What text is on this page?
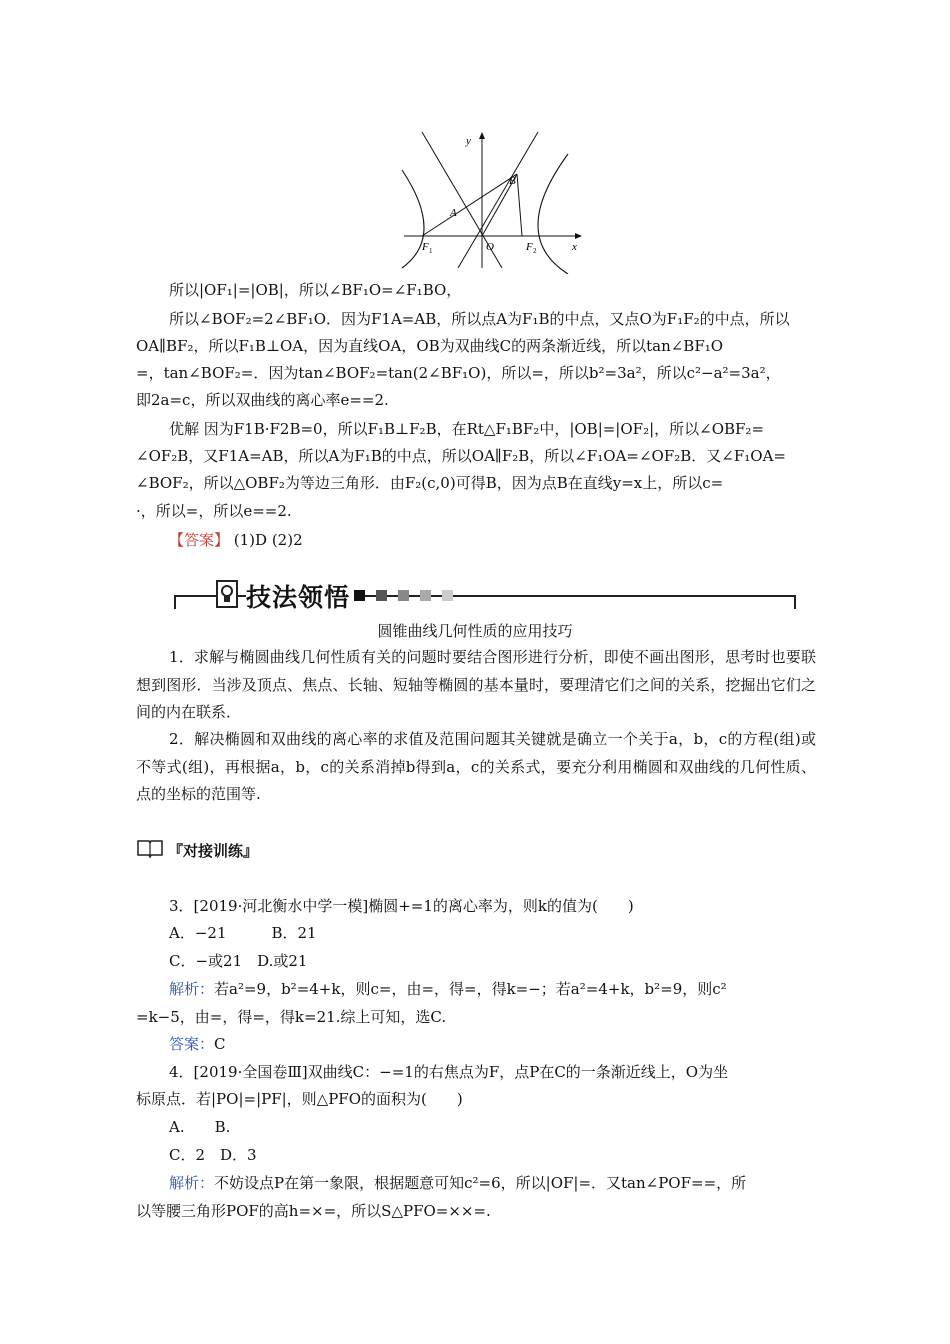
y
x
A
B
O
F 1	F 2
所以|OF₁|=|OB|，所以∠BF₁O=∠F₁BO，
所以∠BOF₂=2∠BF₁O．因为F1A=AB，所以点A为F₁B的中点，又点O为F₁F₂的中点，所以
OA∥BF₂，所以F₁B⊥OA，因为直线OA，OB为双曲线C的两条渐近线，所以tan∠BF₁O
=，tan∠BOF₂=．因为tan∠BOF₂=tan(2∠BF₁O)，所以=，所以b²=3a²，所以c²−a²=3a²，
即2a=c，所以双曲线的离心率e==2.
优解 因为F1B·F2B=0，所以F₁B⊥F₂B，在Rt△F₁BF₂中，|OB|=|OF₂|，所以∠OBF₂=
∠OF₂B，又F1A=AB，所以A为F₁B的中点，所以OA∥F₂B，所以∠F₁OA=∠OF₂B．又∠F₁OA=
∠BOF₂，所以△OBF₂为等边三角形．由F₂(c,0)可得B，因为点B在直线y=x上，所以c=
·，所以=，所以e==2.
【答案】 (1)D (2)2
技法领悟
圆锥曲线几何性质的应用技巧

1．求解与椭圆曲线几何性质有关的问题时要结合图形进行分析，即使不画出图形，思考时也要联想到图形．当涉及顶点、焦点、长轴、短轴等椭圆的基本量时，要理清它们之间的关系，挖掘出它们之间的内在联系．

2．解决椭圆和双曲线的离心率的求值及范围问题其关键就是确立一个关于a，b，c的方程(组)或不等式(组)，再根据a，b，c的关系消掉b得到a，c的关系式，要充分利用椭圆和双曲线的几何性质、点的坐标的范围等.

『对接训练』
3．[2019·河北衡水中学一模]椭圆+=1的离心率为，则k的值为(　　)
A．−21　　　B．21
C．−或21　D.或21
解析：若a²=9，b²=4+k，则c=，由=，得=，得k=−；若a²=4+k，b²=9，则c²
=k−5，由=，得=，得k=21.综上可知，选C.
答案：C
4．[2019·全国卷Ⅲ]双曲线C：−=1的右焦点为F，点P在C的一条渐近线上，O为坐
标原点．若|PO|=|PF|，则△PFO的面积为(　　)
A.　　B.
C．2　D．3
解析：不妨设点P在第一象限，根据题意可知c²=6，所以|OF|=．又tan∠POF==，所
以等腰三角形POF的高h=×=，所以S△PFO=××=.
